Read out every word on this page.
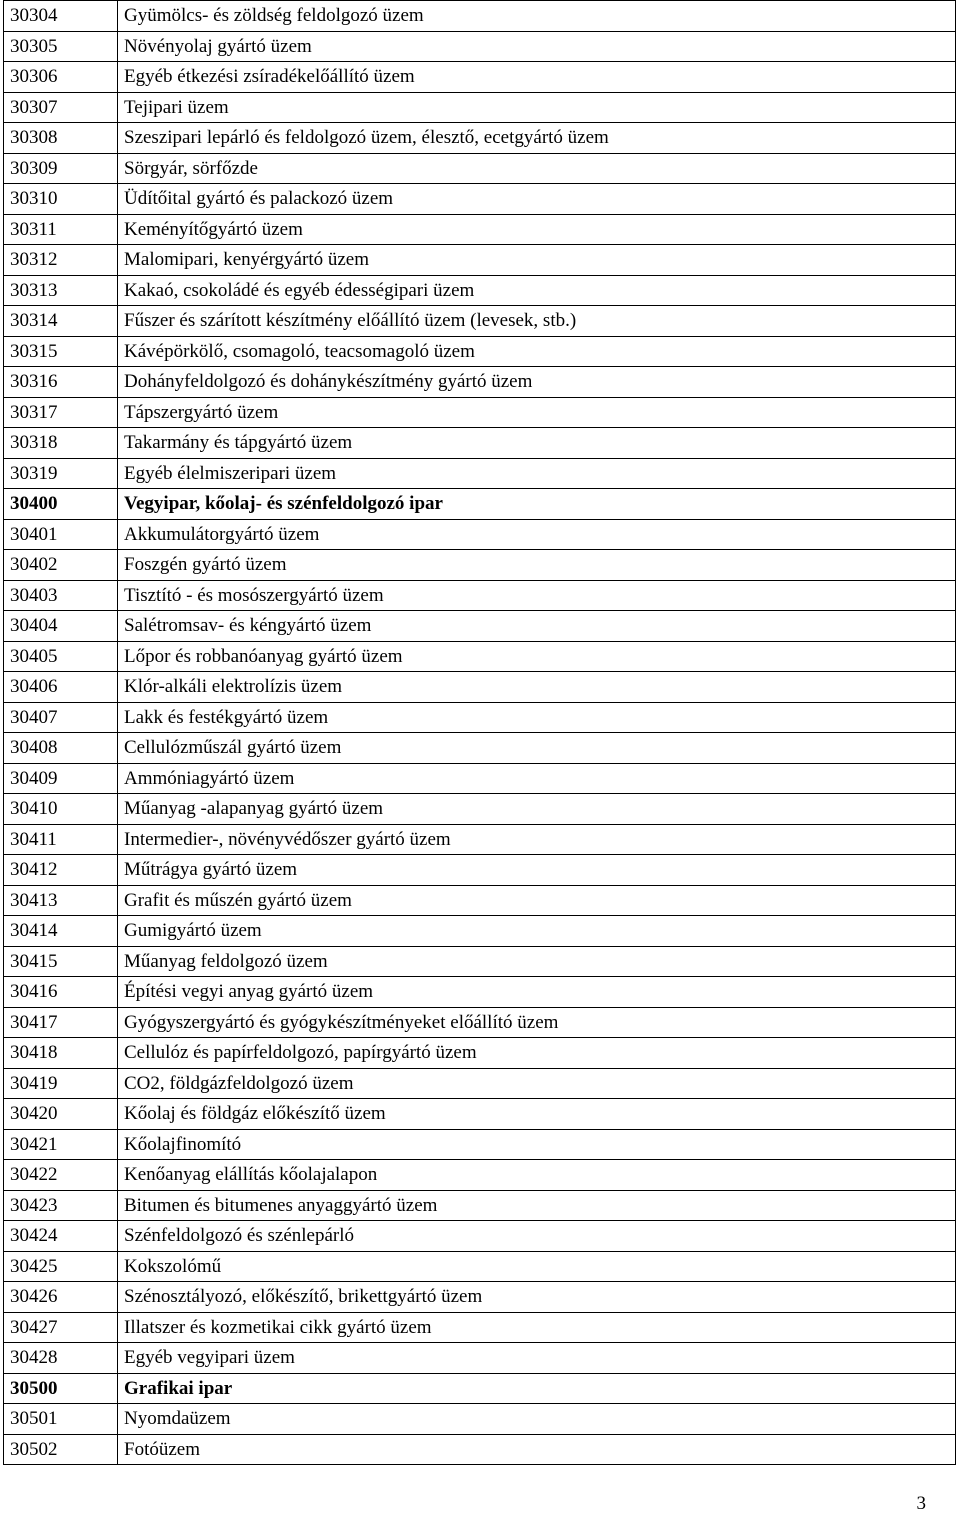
30304	Gyümölcs- és zöldség feldolgozó üzem
30305	Növényolaj gyártó üzem
30306	Egyéb étkezési zsíradékelőállító üzem
30307	Tejipari üzem
30308	Szeszipari lepárló és feldolgozó üzem, élesztő, ecetgyártó üzem
30309	Sörgyár, sörfőzde
30310	Üdítőital gyártó és palackozó üzem
30311	Keményítőgyártó üzem
30312	Malomipari, kenyérgyártó üzem
30313	Kakaó, csokoládé és egyéb édességipari üzem
30314	Fűszer és szárított készítmény előállító üzem (levesek, stb.)
30315	Kávépörkölő, csomagoló, teacsomagoló üzem
30316	Dohányfeldolgozó és dohánykészítmény gyártó üzem
30317	Tápszergyártó üzem
30318	Takarmány és tápgyártó üzem
30319	Egyéb élelmiszeripari üzem
30400	Vegyipar, kőolaj- és szénfeldolgozó ipar
30401	Akkumulátorgyártó üzem
30402	Foszgén gyártó üzem
30403	Tisztító - és mosószergyártó üzem
30404	Salétromsav- és kéngyártó üzem
30405	Lőpor és robbanóanyag gyártó üzem
30406	Klór-alkáli elektrolízis üzem
30407	Lakk és festékgyártó üzem
30408	Cellulózműszál gyártó üzem
30409	Ammóniagyártó üzem
30410	Műanyag -alapanyag gyártó üzem
30411	Intermedier-, növényvédőszer gyártó üzem
30412	Műtrágya gyártó üzem
30413	Grafit és műszén gyártó üzem
30414	Gumigyártó üzem
30415	Műanyag feldolgozó üzem
30416	Építési vegyi anyag gyártó üzem
30417	Gyógyszergyártó és gyógykészítményeket előállító üzem
30418	Cellulóz és papírfeldolgozó, papírgyártó üzem
30419	CO2, földgázfeldolgozó üzem
30420	Kőolaj és földgáz előkészítő üzem
30421	Kőolajfinomító
30422	Kenőanyag elállítás kőolajalapon
30423	Bitumen és bitumenes anyaggyártó üzem
30424	Szénfeldolgozó és szénlepárló
30425	Kokszolómű
30426	Szénosztályozó, előkészítő, brikettgyártó üzem
30427	Illatszer és kozmetikai cikk gyártó üzem
30428	Egyéb vegyipari üzem
30500	Grafikai ipar
30501	Nyomdaüzem
30502	Fotóüzem
3
